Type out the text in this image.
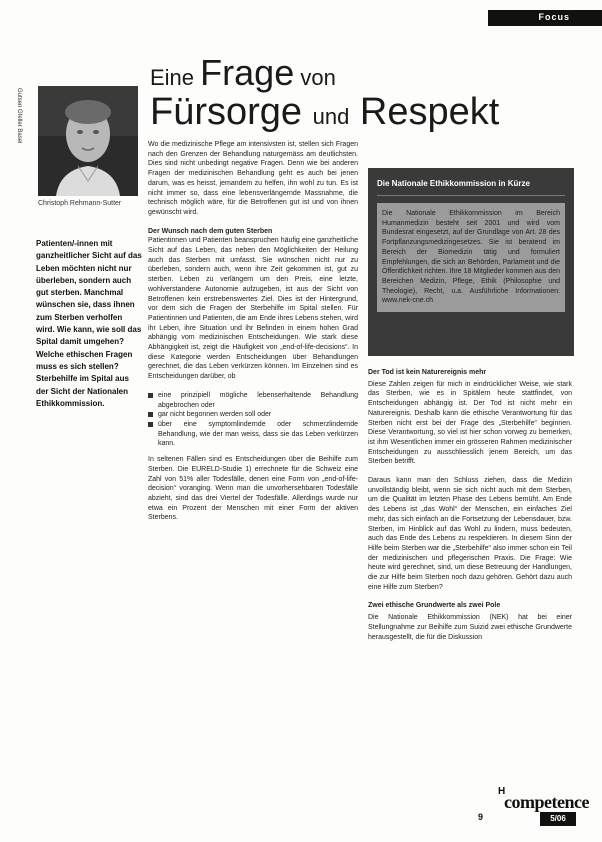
Focus
Eine Frage von
Fürsorge und Respekt
Gutsen Gfeller Basel
Christoph Rehmann-Sutter
Patienten/-innen mit ganzheitlicher Sicht auf das Leben möchten nicht nur überleben, sondern auch gut sterben. Manchmal wünschen sie, dass ihnen zum Sterben verholfen wird. Wie kann, wie soll das Spital damit umgehen? Welche ethischen Fragen muss es sich stellen? Sterbehilfe im Spital aus der Sicht der Nationalen Ethikkommission.

Wo die medizinische Pflege am intensivsten ist, stellen sich Fragen nach den Grenzen der Behandlung naturgemäss am deutlichsten. Dies sind nicht unbedingt negative Fragen. Denn wie bei anderen Fragen der medizinischen Behandlung geht es auch bei jenen darum, was es heisst, jemandem zu helfen, ihn wohl zu tun. Es ist nicht immer so, dass eine lebensverlängernde Massnahme, die technisch möglich wäre, für die Betroffenen gut ist und von ihnen gewünscht wird.

Der Wunsch nach dem guten Sterben

Patientinnen und Patienten beanspruchen häufig eine ganzheitliche Sicht auf das Leben, das neben den Möglichkeiten der Heilung auch das Sterben mit umfasst. Sie wünschen nicht nur zu überleben, sondern auch, wenn ihre Zeit gekommen ist, gut zu sterben. Leben zu verlängern um den Preis, eine letzte, wohlverstandene Autonomie aufzugeben, ist aus der Sicht von Betroffenen kein erstrebenswertes Ziel. Dies ist der Hintergrund, vor dem sich die Fragen der Sterbehilfe im Spital stellen. Für Patientinnen und Patienten, die am Ende ihres Lebens stehen, wird ihr Leben, ihre Situation und ihr Befinden in einem hohen Grad abhängig vom medizinischen Entscheidungen. Wie stark diese Abhängigkeit ist, zeigt die Häufigkeit von „end-of-life-decisions“. In diese Kategorie werden Entscheidungen über Behandlungen gerechnet, die das Leben verkürzen können. Im Einzelnen sind es Entscheidungen darüber, ob

eine prinzipiell mögliche lebenserhaltende Behandlung abgebrochen oder
gar nicht begonnen werden soll oder
über eine symptomlindernde oder schmerzlindernde Behandlung, wie der man weiss, dass sie das Leben verkürzen kann.

In seltenen Fällen sind es Entscheidungen über die Beihilfe zum Sterben. Die EURELD-Studie 1) errechnete für die Schweiz eine Zahl von 51% aller Todesfälle, denen eine Form von „end-of-life-decision“ voranging. Wenn man die unvorhersehbaren Todesfälle abzieht, sind das drei Viertel der Todesfälle. Allerdings wurde nur etwa ein Prozent der Menschen mit einer Form der aktiven Sterbens.

Die Nationale Ethikkommission in Kürze
Die Nationale Ethikkommission im Bereich Humanmedizin besteht seit 2001 und wird vom Bundesrat eingesetzt, auf der Grundlage von Art. 28 des Fortpflanzungsmedizingesetzes. Sie ist beratend im Bereich der Biomedizin tätig und formuliert Empfehlungen, die sich an Behörden, Parlament und die Öffentlichkeit richten. Ihre 18 Mitglieder kommen aus den Bereichen Medizin, Pflege, Ethik (Philosophie und Theologie), Recht, u.a. Ausführliche Informationen: www.nek-cne.ch

Der Tod ist kein Naturereignis mehr

Diese Zahlen zeigen für mich in eindrücklicher Weise, wie stark das Sterben, wie es in Spitälern heute stattfindet, von Entscheidungen abhängig ist. Der Tod ist nicht mehr ein Naturereignis. Deshalb kann die ethische Verantwortung für das Sterben nicht erst bei der Frage des „Sterbehilfe“ beginnen. Diese Verantwortung, so viel ist hier schon vorweg zu bemerken, ist ihm Wesentlichen immer ein grösseren Rahmen medizinischer Entscheidungen zu ausschliesslich jenem Bereich, um das Sterben betrifft.

Daraus kann man den Schluss ziehen, dass die Medizin unvollständig bleibt, wenn sie sich nicht auch mit dem Sterben, um die Qualität im letzten Phase des Lebens bemüht. Am Ende des Lebens ist „das Wohl“ der Menschen, ein einfaches Ziel mehr, das sich einfach an die Fortsetzung der Lebensdauer, bzw. Sterben, im Hinblick auf das Wohl zu lindern, muss bedeuten, auch das Ende des Lebens zu respektieren. In diesem Sinn der Hilfe beim Sterben war die „Sterbehilfe“ also immer schon ein Teil der medizinischen und pflegerischen Praxis. Die Frage: Wie heute wird gerechnet, sind, um diese Betreuung der Handlungen, die zur Hilfe beim Sterben noch dazu gehören. Gehört dazu auch eine Hilfe zum Sterben?

Zwei ethische Grundwerte als zwei Pole

Die Nationale Ethikkommission (NEK) hat bei einer Stellungnahme zur Beihilfe zum Suizid zwei ethische Grundwerte herausgestellt, die für die Diskussion

H
competence
9	5/06
